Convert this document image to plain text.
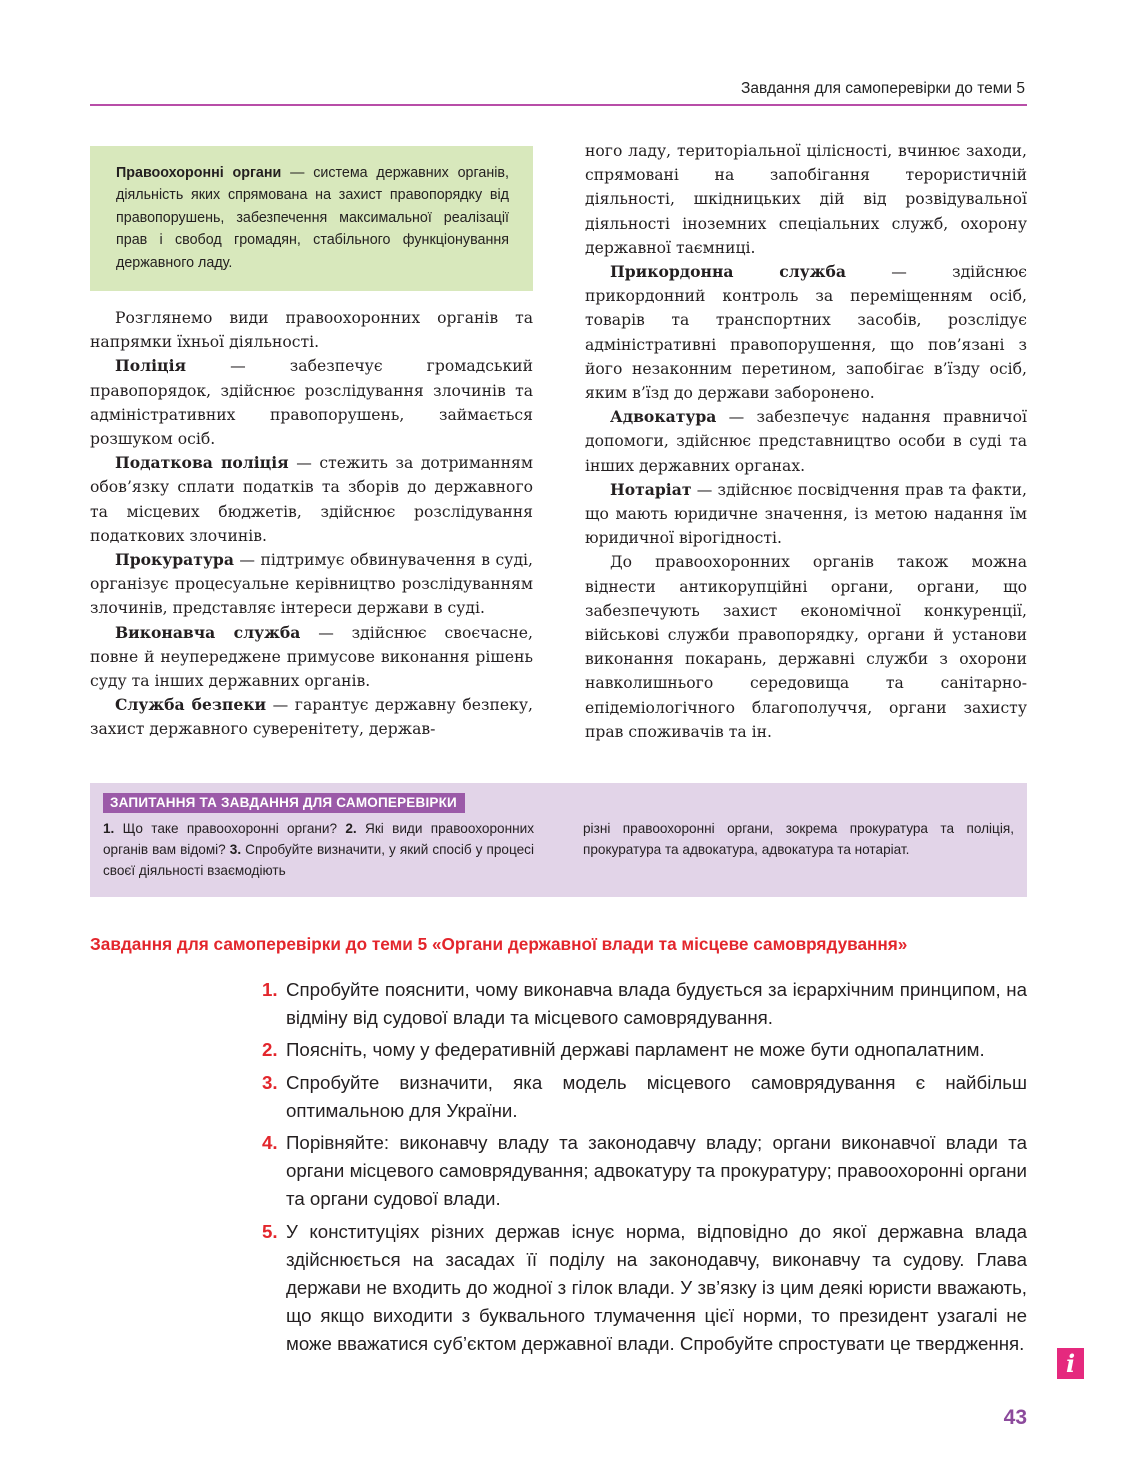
Завдання для самоперевірки до теми 5
Правоохоронні органи — система державних органів, діяльність яких спрямована на захист правопорядку від правопорушень, забезпечення максимальної реалізації прав і свобод громадян, стабільного функціонування державного ладу.

Розглянемо види правоохоронних органів та напрямки їхньої діяльності.

Поліція — забезпечує громадський правопорядок, здійснює розслідування злочинів та адміністративних правопорушень, займається розшуком осіб.

Податкова поліція — стежить за дотриманням обов’язку сплати податків та зборів до державного та місцевих бюджетів, здійснює розслідування податкових злочинів.

Прокуратура — підтримує обвинувачення в суді, організує процесуальне керівництво розслідуванням злочинів, представляє інтереси держави в суді.

Виконавча служба — здійснює своєчасне, повне й неупереджене примусове виконання рішень суду та інших державних органів.

Служба безпеки — гарантує державну безпеку, захист державного суверенітету, держав-

ного ладу, територіальної цілісності, вчинює заходи, спрямовані на запобігання терористичній діяльності, шкідницьких дій від розвідувальної діяльності іноземних спеціальних служб, охорону державної таємниці.

Прикордонна служба — здійснює прикордонний контроль за переміщенням осіб, товарів та транспортних засобів, розслідує адміністративні правопорушення, що пов’язані з його незаконним перетином, запобігає в’їзду осіб, яким в’їзд до держави заборонено.

Адвокатура — забезпечує надання правничої допомоги, здійснює представництво особи в суді та інших державних органах.

Нотаріат — здійснює посвідчення прав та факти, що мають юридичне значення, із метою надання їм юридичної вірогідності.

До правоохоронних органів також можна віднести антикорупційні органи, органи, що забезпечують захист економічної конкуренції, військові служби правопорядку, органи й установи виконання покарань, державні служби з охорони навколишнього середовища та санітарно-епідеміологічного благополуччя, органи захисту прав споживачів та ін.

ЗАПИТАННЯ ТА ЗАВДАННЯ ДЛЯ САМОПЕРЕВІРКИ
1. Що таке правоохоронні органи? 2. Які види правоохоронних органів вам відомі? 3. Спробуйте визначити, у який спосіб у процесі своєї діяльності взаємодіють
різні правоохоронні органи, зокрема прокуратура та поліція, прокуратура та адвокатура, адвокатура та нотаріат.
Завдання для самоперевірки до теми 5 «Органи державної влади та місцеве самоврядування»
1. Спробуйте пояснити, чому виконавча влада будується за ієрархічним принципом, на відміну від судової влади та місцевого самоврядування.
2. Поясніть, чому у федеративній державі парламент не може бути однопалатним.
3. Спробуйте визначити, яка модель місцевого самоврядування є найбільш оптимальною для України.
4. Порівняйте: виконавчу владу та законодавчу владу; органи виконавчої влади та органи місцевого самоврядування; адвокатуру та прокуратуру; правоохоронні органи та органи судової влади.
5. У конституціях різних держав існує норма, відповідно до якої державна влада здійснюється на засадах її поділу на законодавчу, виконавчу та судову. Глава держави не входить до жодної з гілок влади. У зв’язку із цим деякі юристи вважають, що якщо виходити з буквального тлумачення цієї норми, то президент узагалі не може вважатися суб’єктом державної влади. Спробуйте спростувати це твердження.
i
43
